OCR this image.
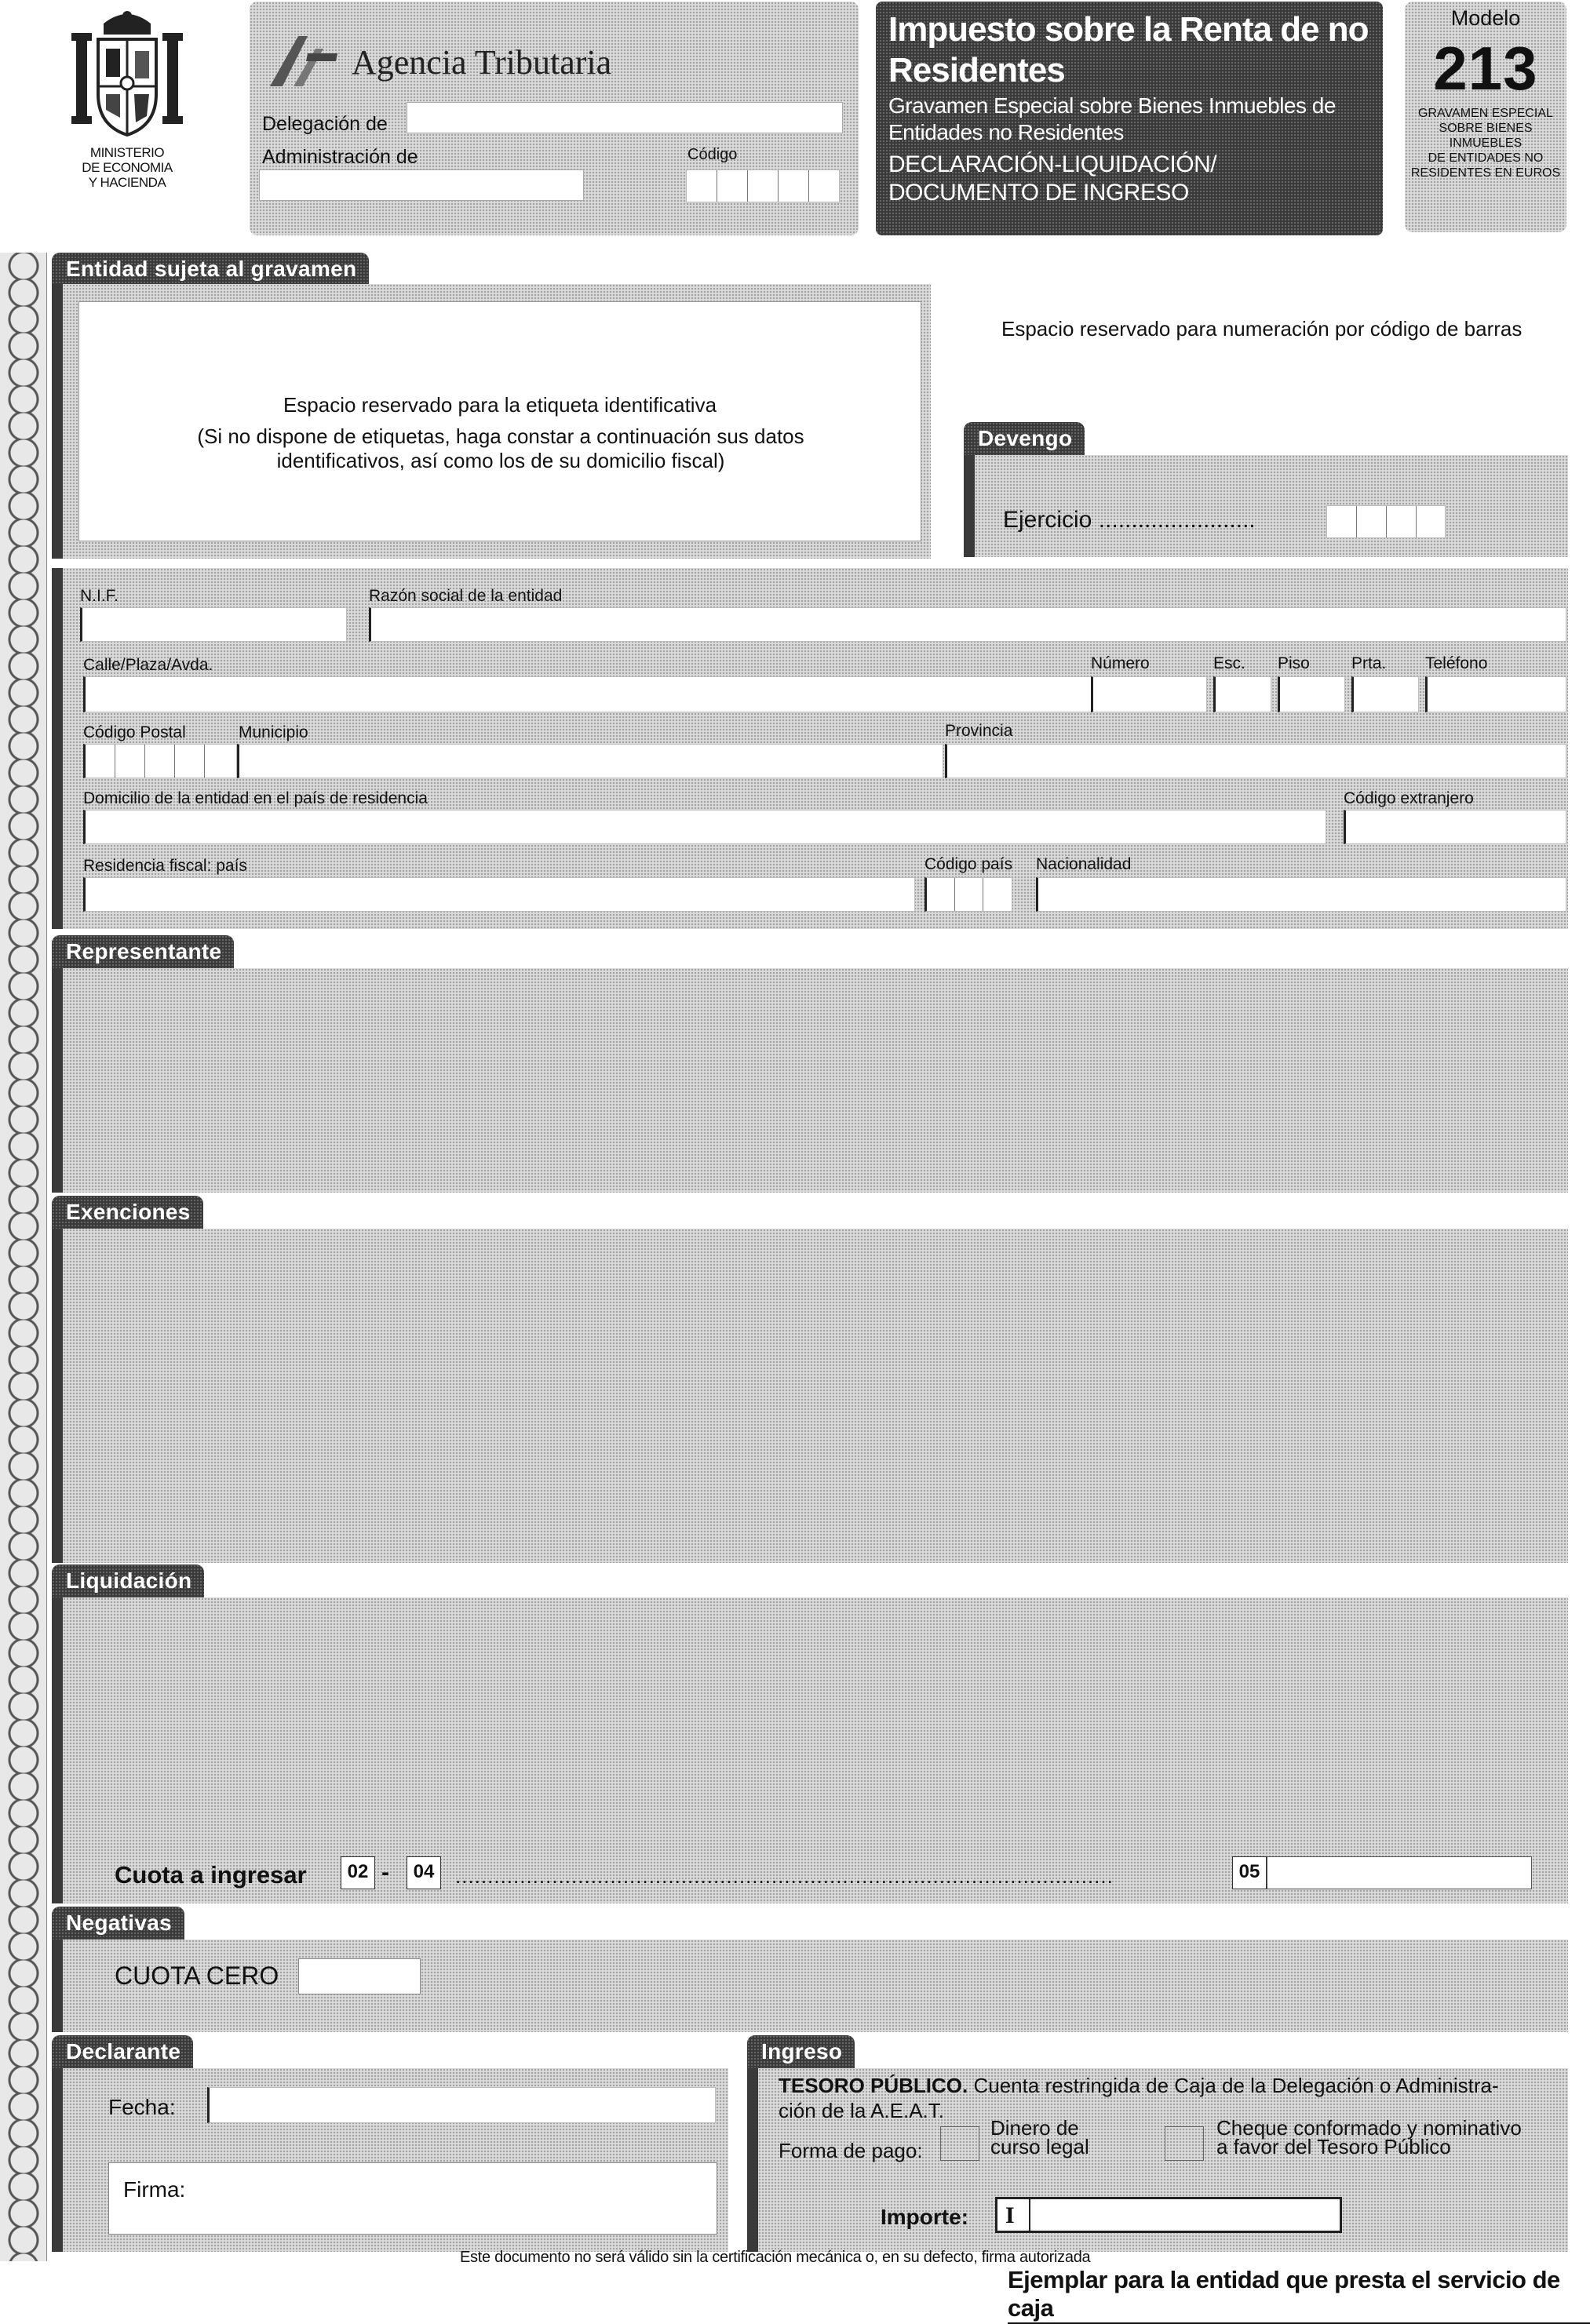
MINISTERIO
DE ECONOMIA
Y HACIENDA
Agencia Tributaria
Delegación de
Administración de	Código
Impuesto sobre la Renta de no Residentes
Gravamen Especial sobre Bienes Inmuebles de Entidades no Residentes
DECLARACIÓN-LIQUIDACIÓN/
DOCUMENTO DE INGRESO
Modelo
213
GRAVAMEN ESPECIAL
SOBRE BIENES
INMUEBLES
DE ENTIDADES NO
RESIDENTES EN EUROS
Entidad sujeta al gravamen
Espacio reservado para la etiqueta identificativa
(Si no dispone de etiquetas, haga constar a continuación sus datos identificativos, así como los de su domicilio fiscal)
Espacio reservado para numeración por código de barras
Devengo
Ejercicio ........................
N.I.F.	Razón social de la entidad
Calle/Plaza/Avda.	Número	Esc. Piso	Prta. Teléfono
Código Postal	Municipio	Provincia
Domicilio de la entidad en el país de residencia	Código extranjero
Residencia fiscal: país	Código país Nacionalidad
Representante
Exenciones
Liquidación
Cuota a ingresar	02 -	04	......................................................................................................	05
Negativas
CUOTA CERO
Declarante
Fecha:
Firma:
Ingreso
TESORO PÚBLICO. Cuenta restringida de Caja de la Delegación o Administra-
ción de la A.E.A.T.
Forma de pago:
Dinero de
curso legal
Cheque conformado y nominativo
a favor del Tesoro Público
Importe: I
Este documento no será válido sin la certificación mecánica o, en su defecto, firma autorizada
Ejemplar para la entidad que presta el servicio de caja
